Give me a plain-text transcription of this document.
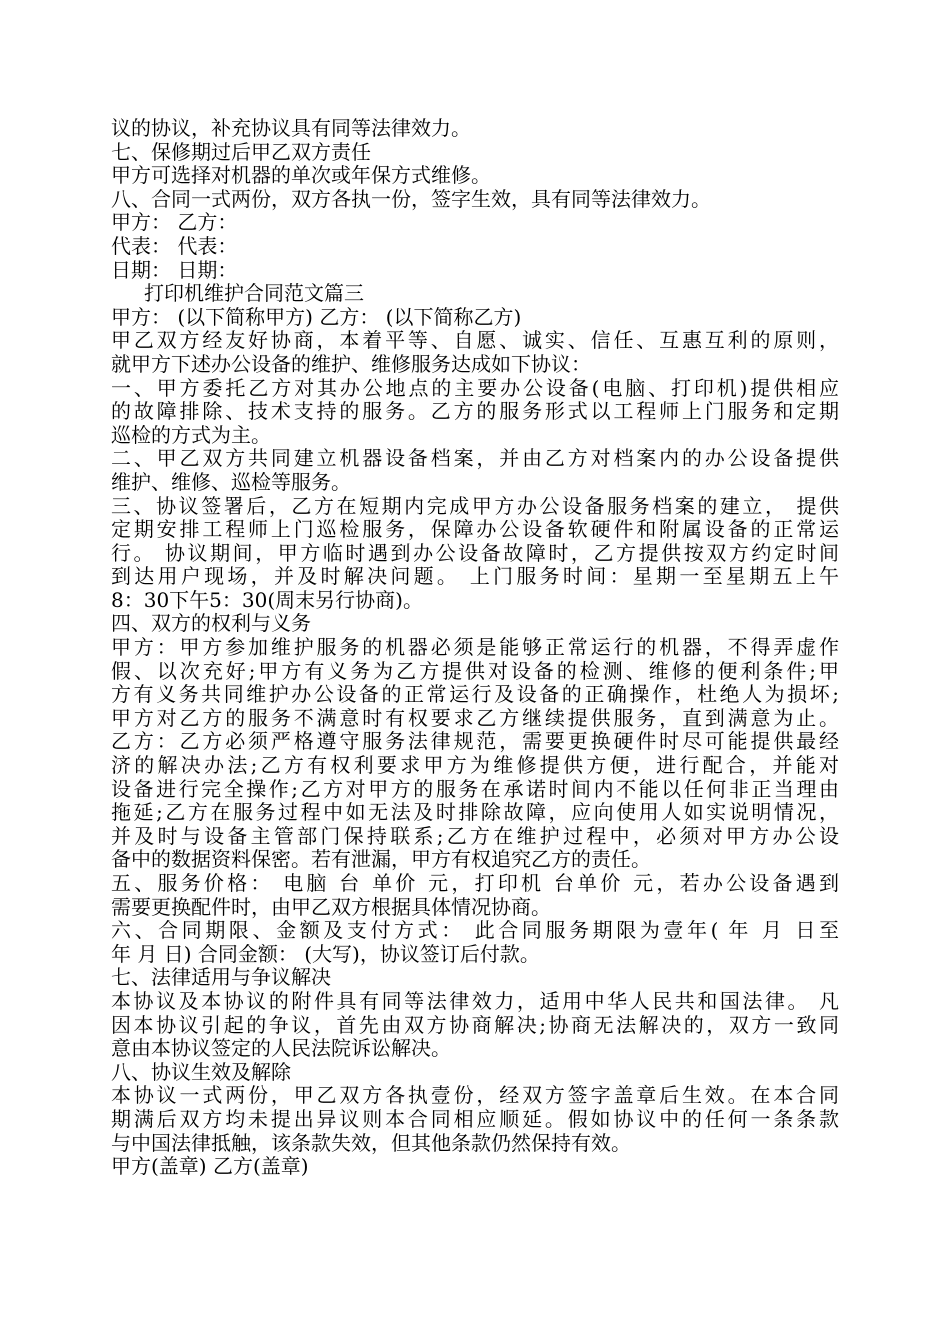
议的协议，补充协议具有同等法律效力。
七、保修期过后甲乙双方责任
甲方可选择对机器的单次或年保方式维修。
八、合同一式两份，双方各执一份，签字生效，具有同等法律效力。
甲方： 乙方：
代表： 代表：
日期： 日期：
打印机维护合同范文篇三
甲方： (以下简称甲方) 乙方： (以下简称乙方)
甲乙双方经友好协商，本着平等、自愿、诚实、信任、互惠互利的原则，
就甲方下述办公设备的维护、维修服务达成如下协议：
一、甲方委托乙方对其办公地点的主要办公设备(电脑、打印机)提供相应
的故障排除、技术支持的服务。乙方的服务形式以工程师上门服务和定期
巡检的方式为主。
二、甲乙双方共同建立机器设备档案，并由乙方对档案内的办公设备提供
维护、维修、巡检等服务。
三、协议签署后，乙方在短期内完成甲方办公设备服务档案的建立， 提供
定期安排工程师上门巡检服务，保障办公设备软硬件和附属设备的正常运
行。 协议期间，甲方临时遇到办公设备故障时，乙方提供按双方约定时间
到达用户现场，并及时解决问题。 上门服务时间：星期一至星期五上午
8：30下午5：30(周末另行协商)。
四、双方的权利与义务
甲方：甲方参加维护服务的机器必须是能够正常运行的机器，不得弄虚作
假、以次充好;甲方有义务为乙方提供对设备的检测、维修的便利条件;甲
方有义务共同维护办公设备的正常运行及设备的正确操作，杜绝人为损坏;
甲方对乙方的服务不满意时有权要求乙方继续提供服务，直到满意为止。
乙方：乙方必须严格遵守服务法律规范，需要更换硬件时尽可能提供最经
济的解决办法;乙方有权利要求甲方为维修提供方便，进行配合，并能对
设备进行完全操作;乙方对甲方的服务在承诺时间内不能以任何非正当理由
拖延;乙方在服务过程中如无法及时排除故障，应向使用人如实说明情况，
并及时与设备主管部门保持联系;乙方在维护过程中，必须对甲方办公设
备中的数据资料保密。若有泄漏，甲方有权追究乙方的责任。
五、服务价格： 电脑 台 单价 元，打印机 台单价 元，若办公设备遇到
需要更换配件时，由甲乙双方根据具体情况协商。
六、合同期限、金额及支付方式： 此合同服务期限为壹年( 年 月 日至
年 月 日) 合同金额： (大写)，协议签订后付款。
七、法律适用与争议解决
本协议及本协议的附件具有同等法律效力，适用中华人民共和国法律。 凡
因本协议引起的争议，首先由双方协商解决;协商无法解决的，双方一致同
意由本协议签定的人民法院诉讼解决。
八、协议生效及解除
本协议一式两份，甲乙双方各执壹份，经双方签字盖章后生效。在本合同
期满后双方均未提出异议则本合同相应顺延。假如协议中的任何一条条款
与中国法律抵触，该条款失效，但其他条款仍然保持有效。
甲方(盖章) 乙方(盖章)
